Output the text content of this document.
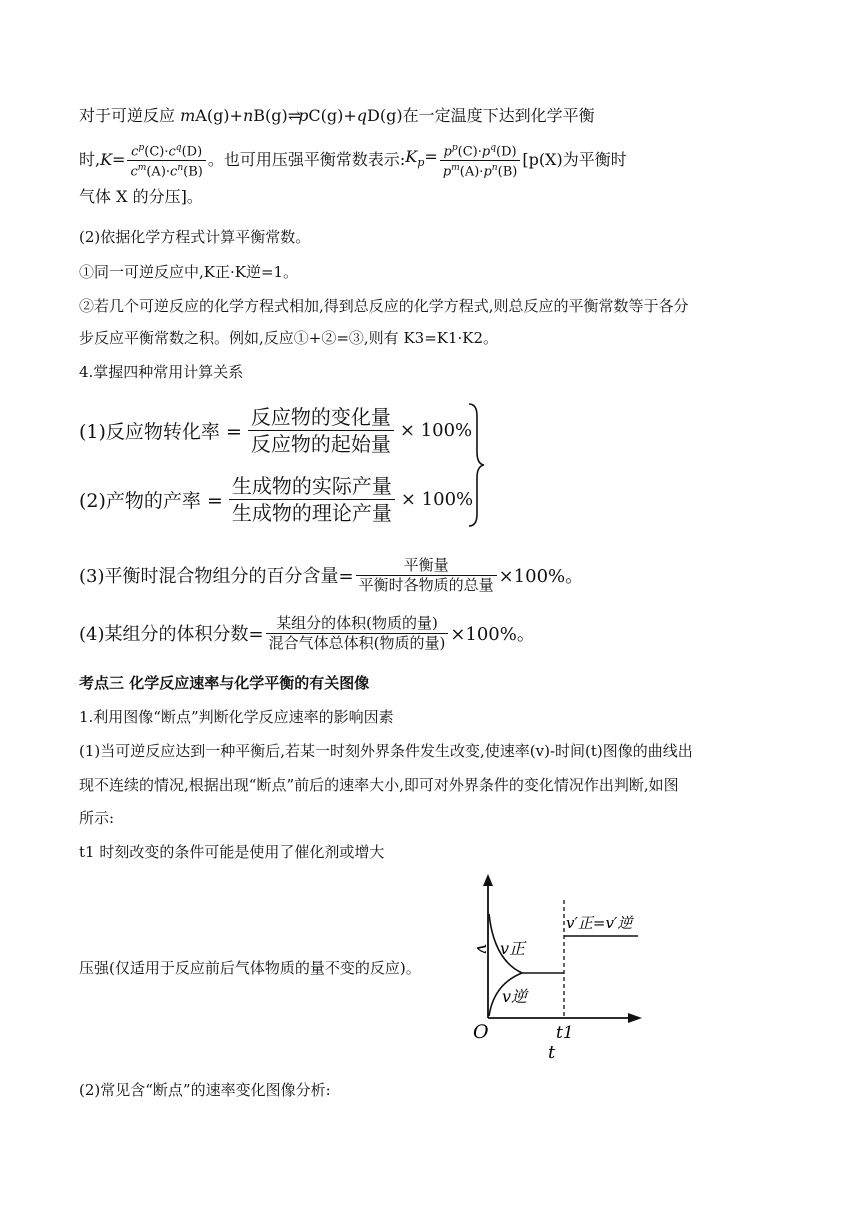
对于可逆反应 mA(g)+nB(g)⇌pC(g)+qD(g)在一定温度下达到化学平衡
时, $K= \frac{c^p(C)\cdot c^q(D)}{c^m(A)\cdot c^n(B)}$ 。也可用压强平衡常数表示: $K_p= \frac{p^p(C)\cdot p^q(D)}{p^m(A)\cdot p^n(B)} [p(X)$为平衡时
气体 X 的分压]。
(2)依据化学方程式计算平衡常数。
①同一可逆反应中,K正·K逆=1。
②若几个可逆反应的化学方程式相加,得到总反应的化学方程式,则总反应的平衡常数等于各分
步反应平衡常数之积。例如,反应①+②=③,则有 K3=K1·K2。
4.掌握四种常用计算关系
(1)反应物转化率 = $\frac{\text{反应物的变化量}}{\text{反应物的起始量}} \times 100\%$
(2)产物的产率 = $\frac{\text{生成物的实际产量}}{\text{生成物的理论产量}} \times 100\%$
(3)平衡时混合物组分的百分含量= $\frac{\text{平衡量}}{\text{平衡时各物质的总量}} \times 100\%$。
(4)某组分的体积分数= $\frac{\text{某组分的体积(物质的量)}}{\text{混合气体总体积(物质的量)}} \times 100\%$。
考点三 化学反应速率与化学平衡的有关图像
1.利用图像“断点”判断化学反应速率的影响因素
(1)当可逆反应达到一种平衡后,若某一时刻外界条件发生改变,使速率(v)-时间(t)图像的曲线出
现不连续的情况,根据出现“断点”前后的速率大小,即可对外界条件的变化情况作出判断,如图
所示:
t1 时刻改变的条件可能是使用了催化剂或增大
压强(仅适用于反应前后气体物质的量不变的反应)。
v v正
v逆
O	t1
t
v′正=v′逆
(2)常见含“断点”的速率变化图像分析:
